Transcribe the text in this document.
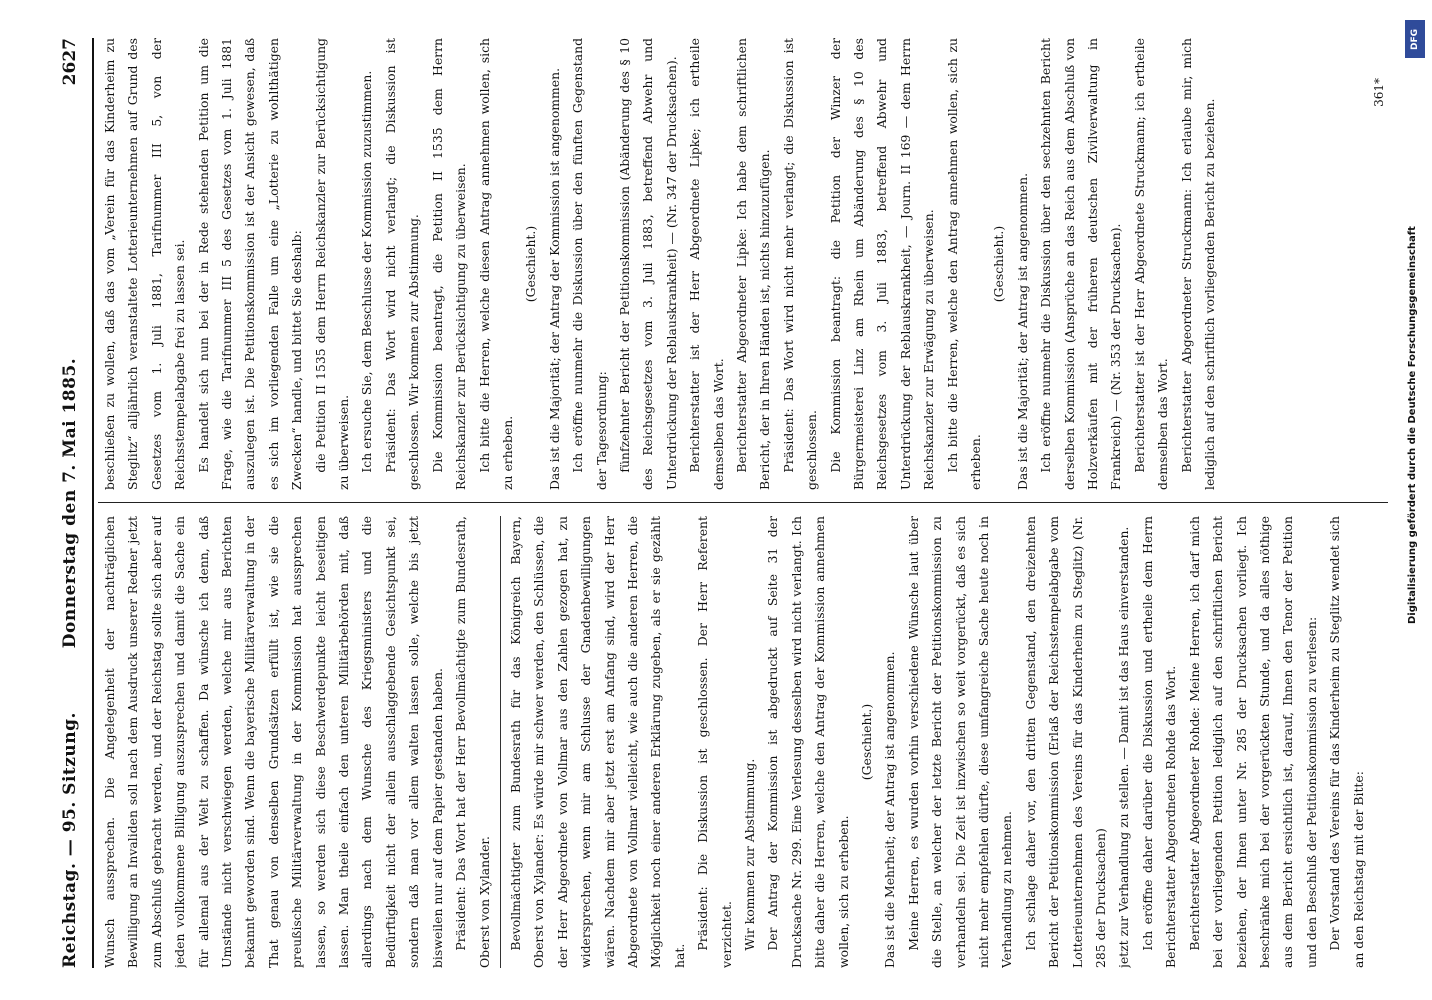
Reichstag. — 95. Sitzung.
Donnerstag den 7. Mai 1885.
2627

Wunsch aussprechen. Die Angelegenheit der nachträglichen Bewilligung an Invaliden soll nach dem Ausdruck unserer Redner jetzt zum Abschluß gebracht werden, und der Reichstag sollte sich aber auf jeden vollkommene Billigung auszusprechen und damit die Sache ein für allemal aus der Welt zu schaffen. Da wünsche ich denn, daß Umstände nicht verschwiegen werden, welche mir aus Berichten bekannt geworden sind. Wenn die bayerische Militärverwaltung in der That genau von denselben Grundsätzen erfüllt ist, wie sie die preußische Militärverwaltung in der Kommission hat aussprechen lassen, so werden sich diese Beschwerdepunkte leicht beseitigen lassen. Man theile einfach den unteren Militärbehörden mit, daß allerdings nach dem Wunsche des Kriegsministers und die Bedürftigkeit nicht der allein ausschlaggebende Gesichtspunkt sei, sondern daß man vor allem walten lassen solle, welche bis jetzt bisweilen nur auf dem Papier gestanden haben. Präsident: Das Wort hat der Herr Bevollmächtigte zum Bundesrath, Oberst von Xylander.	Bevollmächtigter zum Bundesrath für das Königreich Bayern, Oberst von Xylander: Es würde mir schwer werden, den Schlüssen, die der Herr Abgeordnete von Vollmar aus den Zahlen gezogen hat, zu widersprechen, wenn mir am Schlusse der Gnadenbewilligungen wären. Nachdem mir aber jetzt erst am Anfang sind, wird der Herr Abgeordnete von Vollmar vielleicht, wie auch die anderen Herren, die Möglichkeit noch einer anderen Erklärung zugeben, als er sie gezählt hat.

Präsident: Die Diskussion ist geschlossen. Der Herr Referent verzichtet. Wir kommen zur Abstimmung. Der Antrag der Kommission ist abgedruckt auf Seite 31 der Drucksache Nr. 299. Eine Verlesung desselben wird nicht verlangt. Ich bitte daher die Herren, welche den Antrag der Kommission annehmen wollen, sich zu erheben.

(Geschieht.) Das ist die Mehrheit; der Antrag ist angenommen. Meine Herren, es wurden vorhin verschiedene Wünsche laut über die Stelle, an welcher der letzte Bericht der Petitionskommission zu verhandeln sei. Die Zeit ist inzwischen so weit vorgerückt, daß es sich nicht mehr empfehlen dürfte, diese umfangreiche Sache heute noch in Verhandlung zu nehmen. Ich schlage daher vor, den dritten Gegenstand, den dreizehnten Bericht der Petitionskommission (Erlaß der Reichsstempelabgabe vom Lotterieunternehmen des Vereins für das Kinderheim zu Steglitz) (Nr. 285 der Drucksachen) jetzt zur Verhandlung zu stellen. — Damit ist das Haus einverstanden. Ich eröffne daher darüber die Diskussion und ertheile dem Herrn Berichterstatter Abgeordneten Rohde das Wort. Berichterstatter Abgeordneter Rohde: Meine Herren, ich darf mich bei der vorliegenden Petition lediglich auf den schriftlichen Bericht beziehen, der Ihnen unter Nr. 285 der Drucksachen vorliegt. Ich beschränke mich bei der vorgerückten Stunde, und da alles nöthige aus dem Bericht ersichtlich ist, darauf, Ihnen den Tenor der Petition und den Beschluß der Petitionskommission zu verlesen: Der Vorstand des Vereins für das Kinderheim zu Steglitz wendet sich an den Reichstag mit der Bitte:

beschließen zu wollen, daß das vom „Verein für das Kinderheim zu Steglitz“ alljährlich veranstaltete Lotterieunternehmen auf Grund des Gesetzes vom 1. Juli 1881, Tarifnummer III 5, von der Reichsstempelabgabe frei zu lassen sei. Es handelt sich nun bei der in Rede stehenden Petition um die Frage, wie die Tarifnummer III 5 des Gesetzes vom 1. Juli 1881 auszulegen ist. Die Petitionskommission ist der Ansicht gewesen, daß es sich im vorliegenden Falle um eine „Lotterie zu wohlthätigen Zwecken“ handle, und bittet Sie deshalb: die Petition II 1535 dem Herrn Reichskanzler zur Berücksichtigung zu überweisen. Ich ersuche Sie, dem Beschlusse der Kommission zuzustimmen. Präsident: Das Wort wird nicht verlangt; die Diskussion ist geschlossen. Wir kommen zur Abstimmung. Die Kommission beantragt, die Petition II 1535 dem Herrn Reichskanzler zur Berücksichtigung zu überweisen. Ich bitte die Herren, welche diesen Antrag annehmen wollen, sich zu erheben.

(Geschieht.) Das ist die Majorität; der Antrag der Kommission ist angenommen. Ich eröffne nunmehr die Diskussion über den fünften Gegenstand der Tagesordnung: fünfzehnter Bericht der Petitionskommission (Abänderung des § 10 des Reichsgesetzes vom 3. Juli 1883, betreffend Abwehr und Unterdrückung der Reblauskrankheit) — (Nr. 347 der Drucksachen). Berichterstatter ist der Herr Abgeordnete Lipke; ich ertheile demselben das Wort. Berichterstatter Abgeordneter Lipke: Ich habe dem schriftlichen Bericht, der in Ihren Händen ist, nichts hinzuzufügen. Präsident: Das Wort wird nicht mehr verlangt; die Diskussion ist geschlossen. Die Kommission beantragt: die Petition der Winzer der Bürgermeisterei Linz am Rhein um Abänderung des § 10 des Reichsgesetzes vom 3. Juli 1883, betreffend Abwehr und Unterdrückung der Reblauskrankheit, — Journ. II 169 — dem Herrn Reichskanzler zur Erwägung zu überweisen. Ich bitte die Herren, welche den Antrag annehmen wollen, sich zu erheben.

(Geschieht.) Das ist die Majorität; der Antrag ist angenommen. Ich eröffne nunmehr die Diskussion über den sechzehnten Bericht derselben Kommission (Ansprüche an das Reich aus dem Abschluß von Holzverkäufen mit der früheren deutschen Zivilverwaltung in Frankreich) — (Nr. 353 der Drucksachen). Berichterstatter ist der Herr Abgeordnete Struckmann; ich ertheile demselben das Wort. Berichterstatter Abgeordneter Struckmann: Ich erlaube mir, mich lediglich auf den schriftlich vorliegenden Bericht zu beziehen.

361*
DFG
Digitalisierung gefördert durch die Deutsche Forschungsgemeinschaft
